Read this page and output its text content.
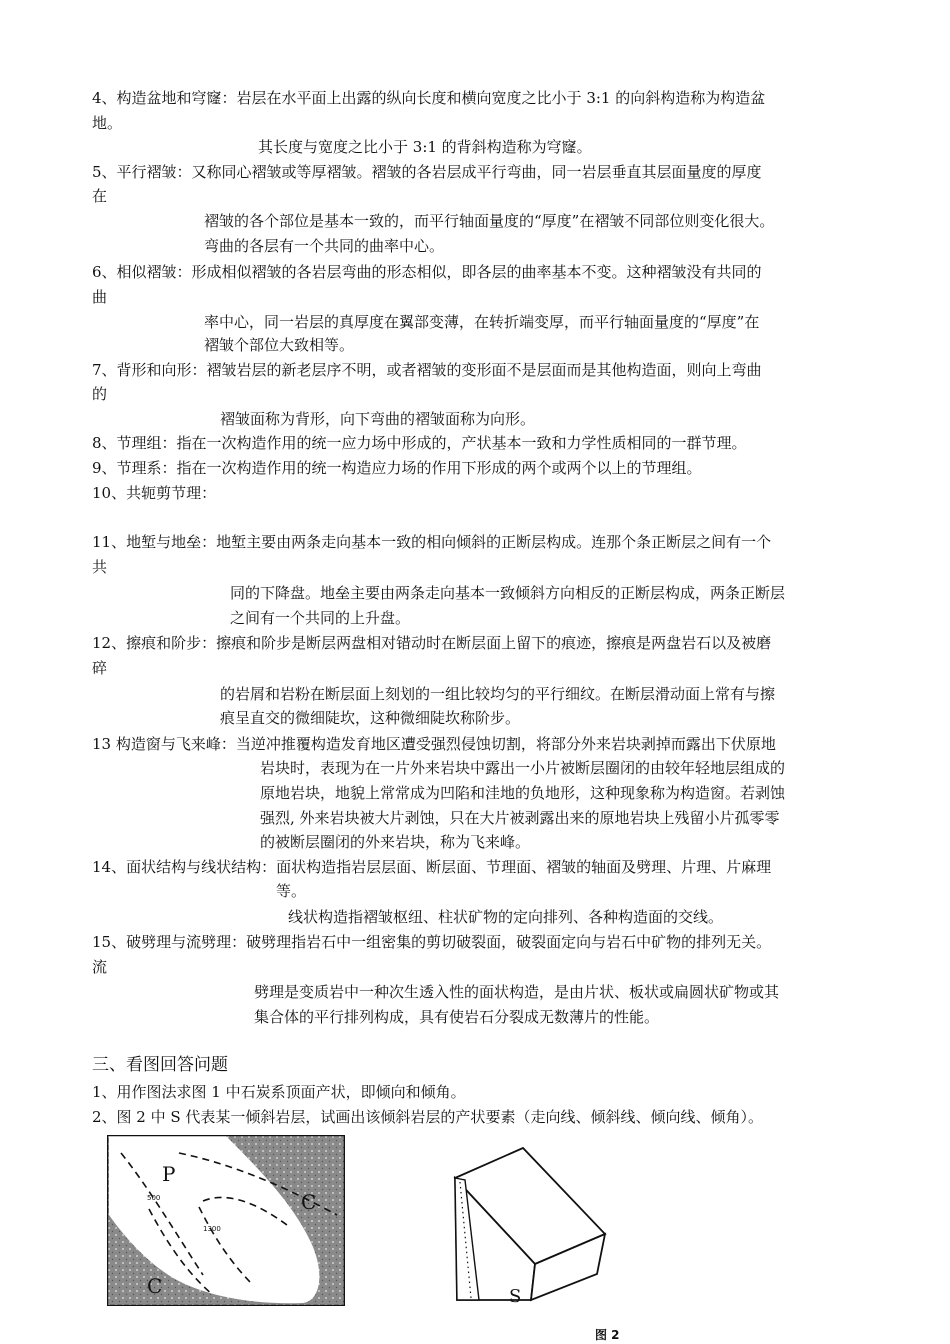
4、构造盆地和穹窿：岩层在水平面上出露的纵向长度和横向宽度之比小于 3:1 的向斜构造称为构造盆
地。
其长度与宽度之比小于 3:1 的背斜构造称为穹窿。
5、平行褶皱：又称同心褶皱或等厚褶皱。褶皱的各岩层成平行弯曲，同一岩层垂直其层面量度的厚度
在
褶皱的各个部位是基本一致的，而平行轴面量度的“厚度”在褶皱不同部位则变化很大。
弯曲的各层有一个共同的曲率中心。
6、相似褶皱：形成相似褶皱的各岩层弯曲的形态相似，即各层的曲率基本不变。这种褶皱没有共同的
曲
率中心，同一岩层的真厚度在翼部变薄，在转折端变厚，而平行轴面量度的“厚度”在
褶皱个部位大致相等。
7、背形和向形：褶皱岩层的新老层序不明，或者褶皱的变形面不是层面而是其他构造面，则向上弯曲
的
褶皱面称为背形，向下弯曲的褶皱面称为向形。
8、节理组：指在一次构造作用的统一应力场中形成的，产状基本一致和力学性质相同的一群节理。
9、节理系：指在一次构造作用的统一构造应力场的作用下形成的两个或两个以上的节理组。
10、共轭剪节理：
11、地堑与地垒：地堑主要由两条走向基本一致的相向倾斜的正断层构成。连那个条正断层之间有一个
共
同的下降盘。地垒主要由两条走向基本一致倾斜方向相反的正断层构成，两条正断层
之间有一个共同的上升盘。
12、擦痕和阶步：擦痕和阶步是断层两盘相对错动时在断层面上留下的痕迹，擦痕是两盘岩石以及被磨
碎
的岩屑和岩粉在断层面上刻划的一组比较均匀的平行细纹。在断层滑动面上常有与擦
痕呈直交的微细陡坎，这种微细陡坎称阶步。
13 构造窗与飞来峰：当逆冲推覆构造发育地区遭受强烈侵蚀切割，将部分外来岩块剥掉而露出下伏原地
岩块时，表现为在一片外来岩块中露出一小片被断层圈闭的由较年轻地层组成的
原地岩块，地貌上常常成为凹陷和洼地的负地形，这种现象称为构造窗。若剥蚀
强烈, 外来岩块被大片剥蚀，只在大片被剥露出来的原地岩块上残留小片孤零零
的被断层圈闭的外来岩块，称为飞来峰。
14、面状结构与线状结构：面状构造指岩层层面、断层面、节理面、褶皱的轴面及劈理、片理、片麻理
等。
线状构造指褶皱枢纽、柱状矿物的定向排列、各种构造面的交线。
15、破劈理与流劈理：破劈理指岩石中一组密集的剪切破裂面，破裂面定向与岩石中矿物的排列无关。
流
劈理是变质岩中一种次生透入性的面状构造，是由片状、板状或扁圆状矿物或其
集合体的平行排列构成，具有使岩石分裂成无数薄片的性能。
三、看图回答问题
1、用作图法求图 1 中石炭系顶面产状，即倾向和倾角。
2、图 2 中 S 代表某一倾斜岩层，试画出该倾斜岩层的产状要素（走向线、倾斜线、倾向线、倾角）。
P
C
C
500
1300
S
图 2
